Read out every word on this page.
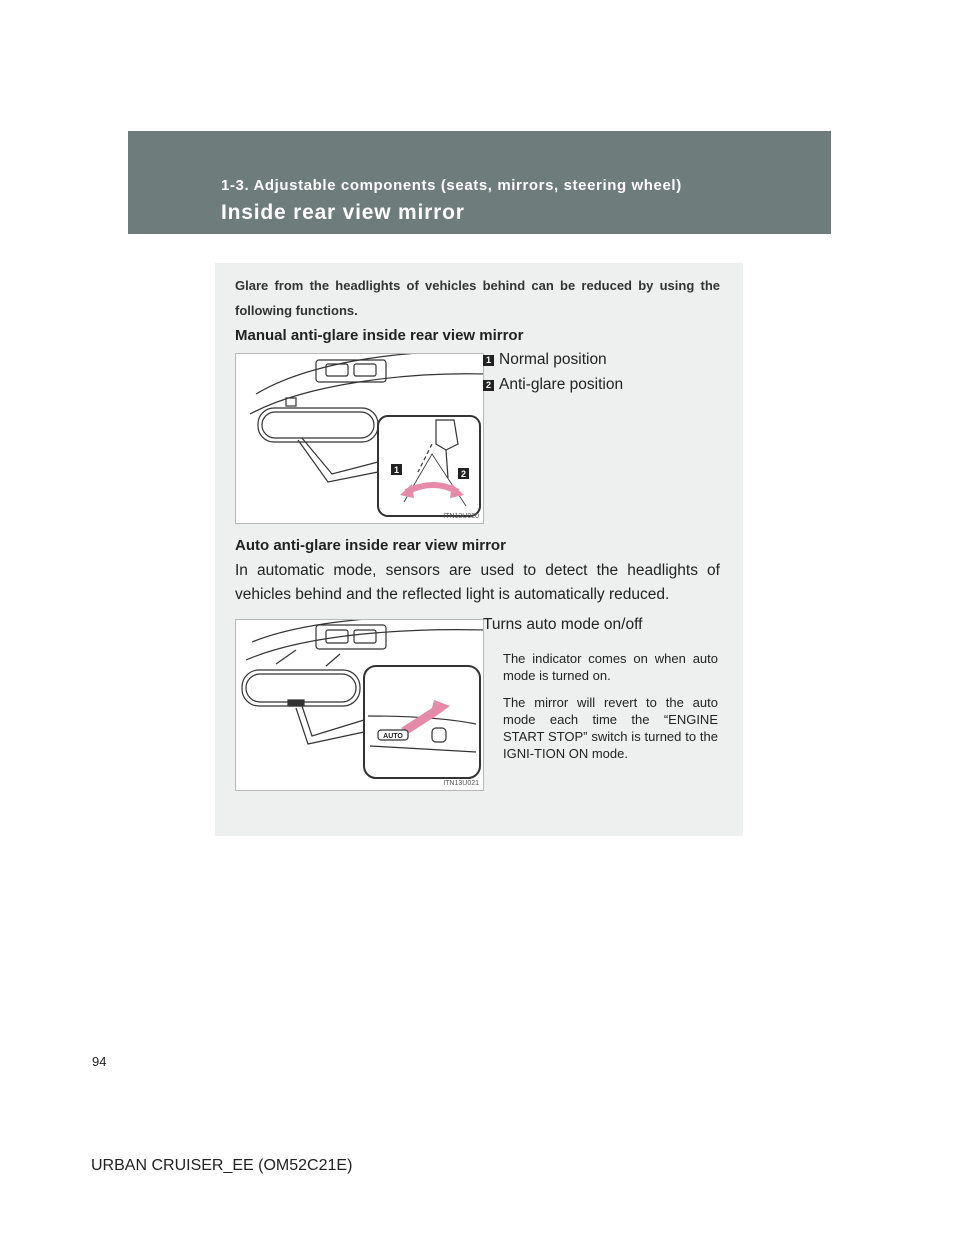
1-3. Adjustable components (seats, mirrors, steering wheel)
Inside rear view mirror
Glare from the headlights of vehicles behind can be reduced by using the following functions.
Manual anti-glare inside rear view mirror
1	2
ITN13U020
1 Normal position
2 Anti-glare position
Auto anti-glare inside rear view mirror
In automatic mode, sensors are used to detect the headlights of vehicles behind and the reflected light is automatically reduced.
AUTO
ITN13U021
Turns auto mode on/off
The indicator comes on when auto mode is turned on.
The mirror will revert to the auto mode each time the “ENGINE START STOP” switch is turned to the IGNI-TION ON mode.
94
URBAN CRUISER_EE (OM52C21E)
